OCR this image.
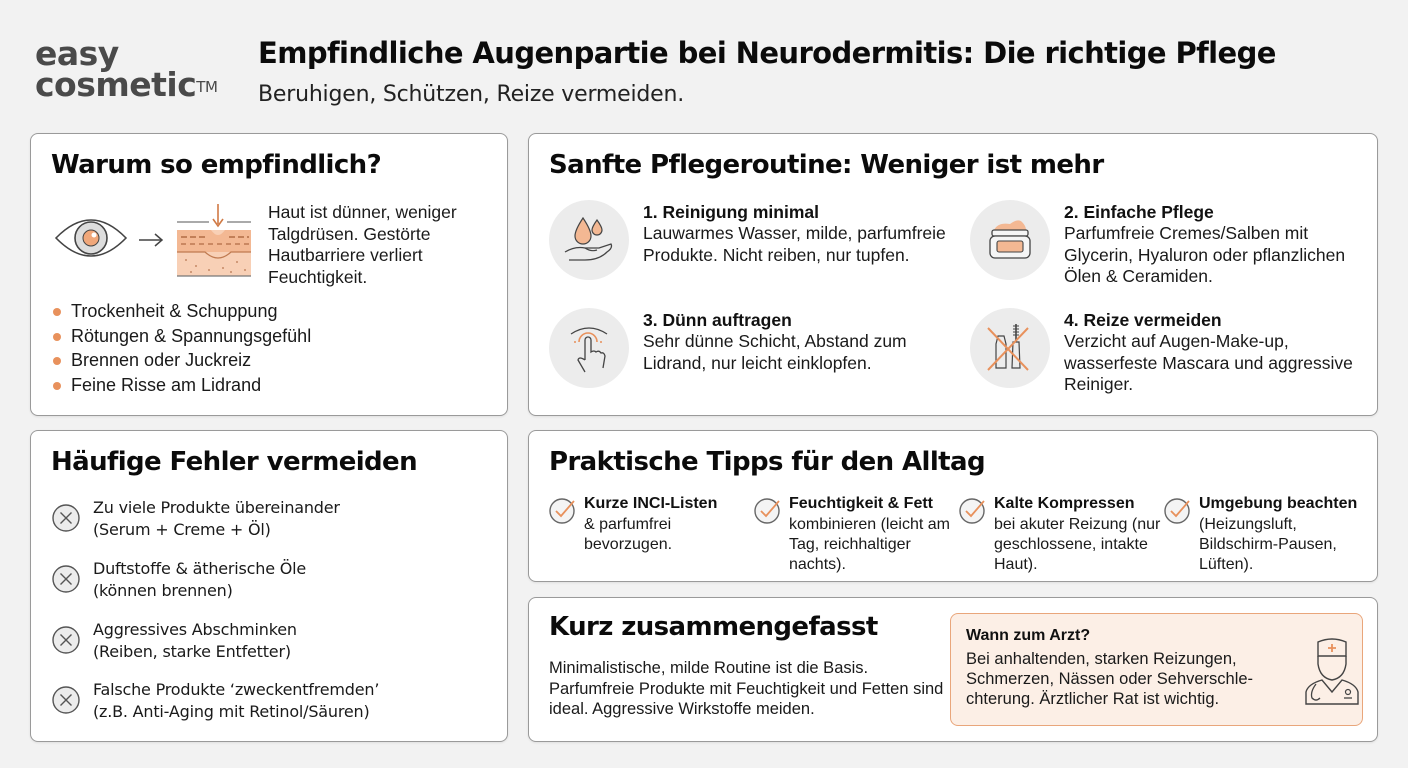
easy
cosmetic™
Empfindliche Augenpartie bei Neurodermitis: Die richtige Pflege
Beruhigen, Schützen, Reize vermeiden.
Warum so empfindlich?

Haut ist dünner, weniger Talgdrüsen. Gestörte Hautbarriere verliert Feuchtigkeit.

Trockenheit & Schuppung
Rötungen & Spannungsgefühl
Brennen oder Juckreiz
Feine Risse am Lidrand
Sanfte Pflegeroutine: Weniger ist mehr
1. Reinigung minimal
Lauwarmes Wasser, milde, parfumfreie Produkte. Nicht reiben, nur tupfen.
2. Einfache Pflege
Parfumfreie Cremes/Salben mit Glycerin, Hyaluron oder pflanzlichen Ölen & Ceramiden.
3. Dünn auftragen
Sehr dünne Schicht, Abstand zum Lidrand, nur leicht einklopfen.
4. Reize vermeiden
Verzicht auf Augen-Make-up, wasserfeste Mascara und aggressive Reiniger.
Häufige Fehler vermeiden
Zu viele Produkte übereinander
(Serum + Creme + Öl)
Duftstoffe & ätherische Öle
(können brennen)
Aggressives Abschminken
(Reiben, starke Entfetter)
Falsche Produkte ‘zweckentfremden’
(z.B. Anti-Aging mit Retinol/Säuren)
Praktische Tipps für den Alltag
Kurze INCI-Listen
& parfumfrei bevorzugen.
Feuchtigkeit & Fett
kombinieren (leicht am Tag, reichhaltiger nachts).
Kalte Kompressen
bei akuter Reizung (nur geschlossene, intakte Haut).
Umgebung beachten
(Heizungsluft, Bildschirm-Pausen, Lüften).
Kurz zusammengefasst

Minimalistische, milde Routine ist die Basis. Parfumfreie Produkte mit Feuchtigkeit und Fetten sind ideal. Aggressive Wirkstoffe meiden.

Wann zum Arzt?
Bei anhaltenden, starken Reizungen, Schmerzen, Nässen oder Sehverschle-chterung. Ärztlicher Rat ist wichtig.
